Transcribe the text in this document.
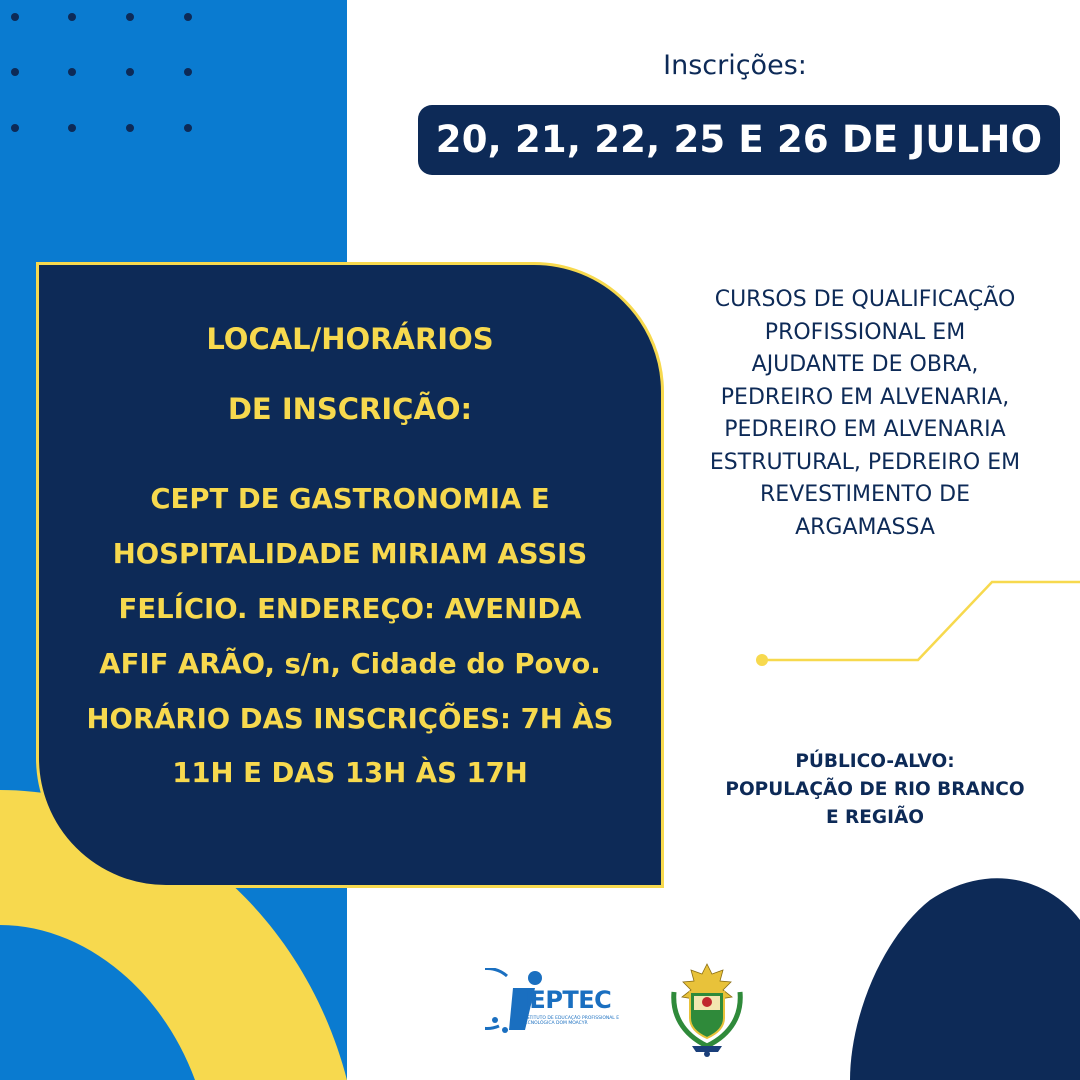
Inscrições:
20, 21, 22, 25 E 26 DE JULHO
LOCAL/HORÁRIOS
DE INSCRIÇÃO:
CEPT DE GASTRONOMIA E
HOSPITALIDADE MIRIAM ASSIS
FELÍCIO. ENDEREÇO: AVENIDA
AFIF ARÃO, s/n, Cidade do Povo.
HORÁRIO DAS INSCRIÇÕES: 7H ÀS
11H E DAS 13H ÀS 17H
CURSOS DE QUALIFICAÇÃO
PROFISSIONAL EM
AJUDANTE DE OBRA,
PEDREIRO EM ALVENARIA,
PEDREIRO EM ALVENARIA
ESTRUTURAL, PEDREIRO EM
REVESTIMENTO DE
ARGAMASSA
PÚBLICO-ALVO:
POPULAÇÃO DE RIO BRANCO
E REGIÃO
IEPTEC
INSTITUTO DE EDUCAÇÃO PROFISSIONAL E TECNOLÓGICA DOM MOACYR
